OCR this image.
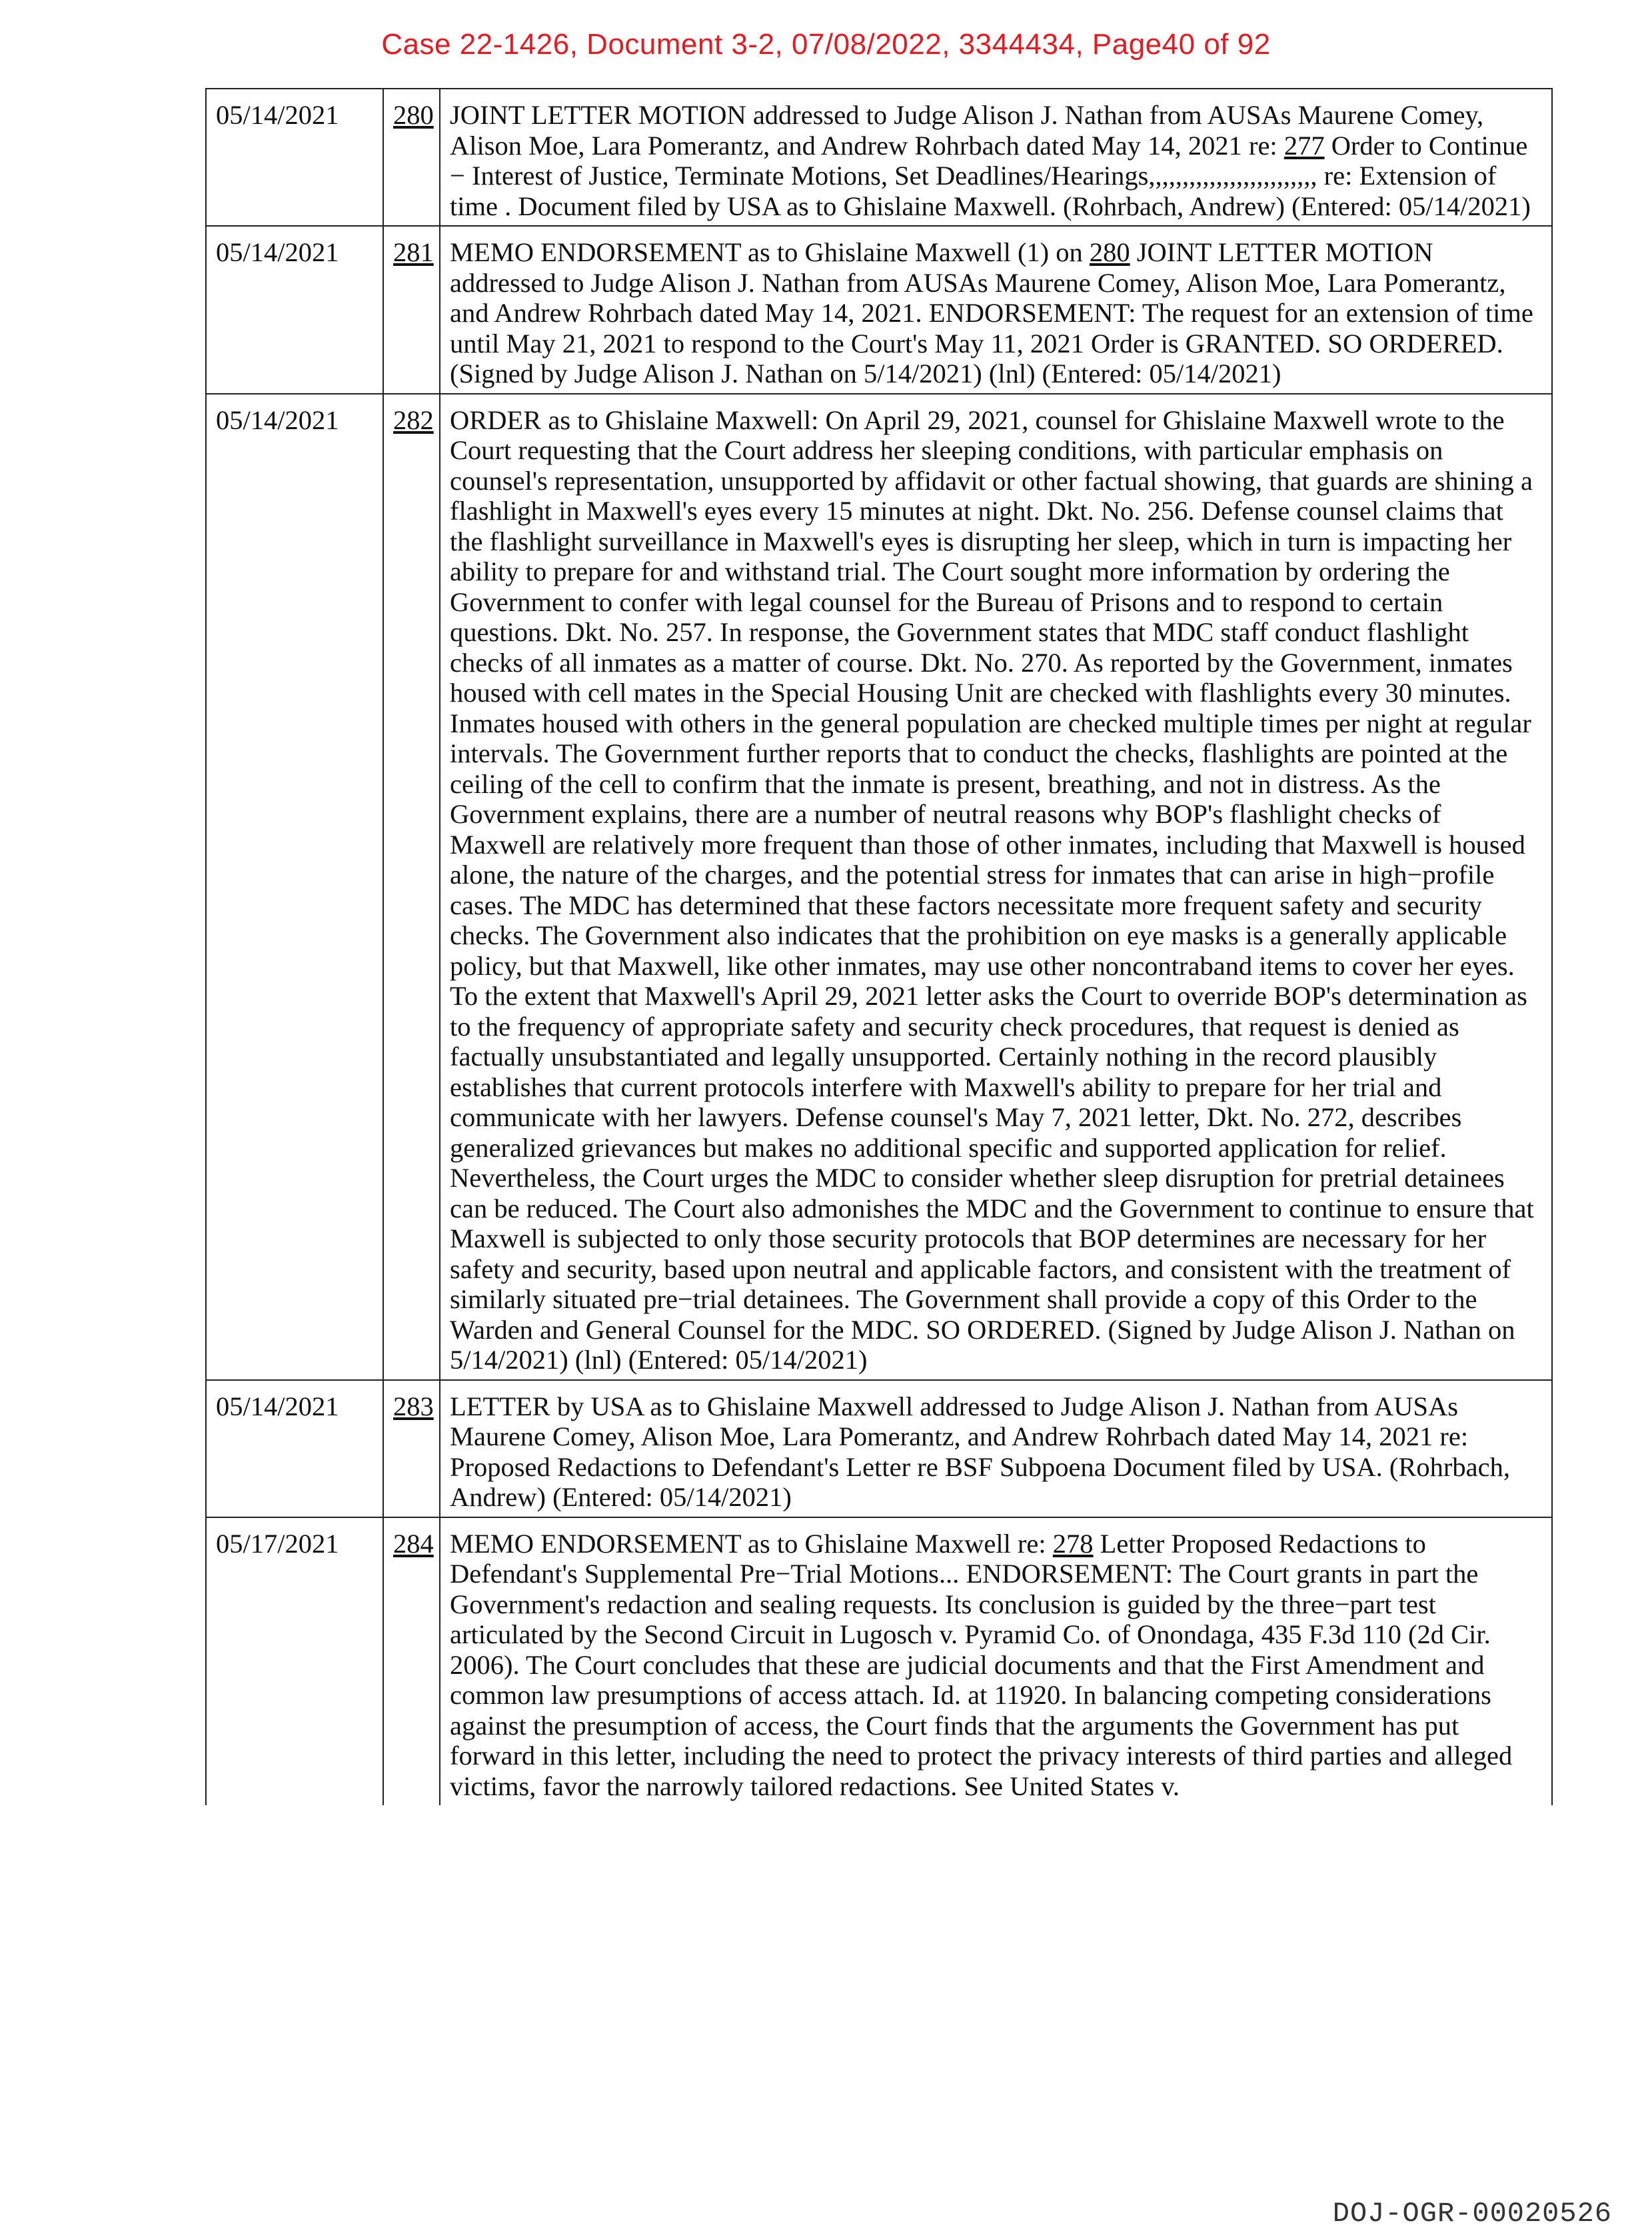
Case 22-1426, Document 3-2, 07/08/2022, 3344434, Page40 of 92
05/14/2021	280	JOINT LETTER MOTION addressed to Judge Alison J. Nathan from AUSAs Maurene Comey, Alison Moe, Lara Pomerantz, and Andrew Rohrbach dated May 14, 2021 re: 277 Order to Continue − Interest of Justice, Terminate Motions, Set Deadlines/Hearings,,,,,,,,,,,,,,,,,,,,,,,,, re: Extension of time . Document filed by USA as to Ghislaine Maxwell. (Rohrbach, Andrew) (Entered: 05/14/2021)
05/14/2021	281	MEMO ENDORSEMENT as to Ghislaine Maxwell (1) on 280 JOINT LETTER MOTION addressed to Judge Alison J. Nathan from AUSAs Maurene Comey, Alison Moe, Lara Pomerantz, and Andrew Rohrbach dated May 14, 2021. ENDORSEMENT: The request for an extension of time until May 21, 2021 to respond to the Court's May 11, 2021 Order is GRANTED. SO ORDERED. (Signed by Judge Alison J. Nathan on 5/14/2021) (lnl) (Entered: 05/14/2021)
05/14/2021	282	ORDER as to Ghislaine Maxwell: On April 29, 2021, counsel for Ghislaine Maxwell wrote to the Court requesting that the Court address her sleeping conditions, with particular emphasis on counsel's representation, unsupported by affidavit or other factual showing, that guards are shining a flashlight in Maxwell's eyes every 15 minutes at night. Dkt. No. 256. Defense counsel claims that the flashlight surveillance in Maxwell's eyes is disrupting her sleep, which in turn is impacting her ability to prepare for and withstand trial. The Court sought more information by ordering the Government to confer with legal counsel for the Bureau of Prisons and to respond to certain questions. Dkt. No. 257. In response, the Government states that MDC staff conduct flashlight checks of all inmates as a matter of course. Dkt. No. 270. As reported by the Government, inmates housed with cell mates in the Special Housing Unit are checked with flashlights every 30 minutes. Inmates housed with others in the general population are checked multiple times per night at regular intervals. The Government further reports that to conduct the checks, flashlights are pointed at the ceiling of the cell to confirm that the inmate is present, breathing, and not in distress. As the Government explains, there are a number of neutral reasons why BOP's flashlight checks of Maxwell are relatively more frequent than those of other inmates, including that Maxwell is housed alone, the nature of the charges, and the potential stress for inmates that can arise in high−profile cases. The MDC has determined that these factors necessitate more frequent safety and security checks. The Government also indicates that the prohibition on eye masks is a generally applicable policy, but that Maxwell, like other inmates, may use other noncontraband items to cover her eyes. To the extent that Maxwell's April 29, 2021 letter asks the Court to override BOP's determination as to the frequency of appropriate safety and security check procedures, that request is denied as factually unsubstantiated and legally unsupported. Certainly nothing in the record plausibly establishes that current protocols interfere with Maxwell's ability to prepare for her trial and communicate with her lawyers. Defense counsel's May 7, 2021 letter, Dkt. No. 272, describes generalized grievances but makes no additional specific and supported application for relief. Nevertheless, the Court urges the MDC to consider whether sleep disruption for pretrial detainees can be reduced. The Court also admonishes the MDC and the Government to continue to ensure that Maxwell is subjected to only those security protocols that BOP determines are necessary for her safety and security, based upon neutral and applicable factors, and consistent with the treatment of similarly situated pre−trial detainees. The Government shall provide a copy of this Order to the Warden and General Counsel for the MDC. SO ORDERED. (Signed by Judge Alison J. Nathan on 5/14/2021) (lnl) (Entered: 05/14/2021)
05/14/2021	283	LETTER by USA as to Ghislaine Maxwell addressed to Judge Alison J. Nathan from AUSAs Maurene Comey, Alison Moe, Lara Pomerantz, and Andrew Rohrbach dated May 14, 2021 re: Proposed Redactions to Defendant's Letter re BSF Subpoena Document filed by USA. (Rohrbach, Andrew) (Entered: 05/14/2021)
05/17/2021	284	MEMO ENDORSEMENT as to Ghislaine Maxwell re: 278 Letter Proposed Redactions to Defendant's Supplemental Pre−Trial Motions... ENDORSEMENT: The Court grants in part the Government's redaction and sealing requests. Its conclusion is guided by the three−part test articulated by the Second Circuit in Lugosch v. Pyramid Co. of Onondaga, 435 F.3d 110 (2d Cir. 2006). The Court concludes that these are judicial documents and that the First Amendment and common law presumptions of access attach. Id. at 11920. In balancing competing considerations against the presumption of access, the Court finds that the arguments the Government has put forward in this letter, including the need to protect the privacy interests of third parties and alleged victims, favor the narrowly tailored redactions. See United States v.
DOJ-OGR-00020526
